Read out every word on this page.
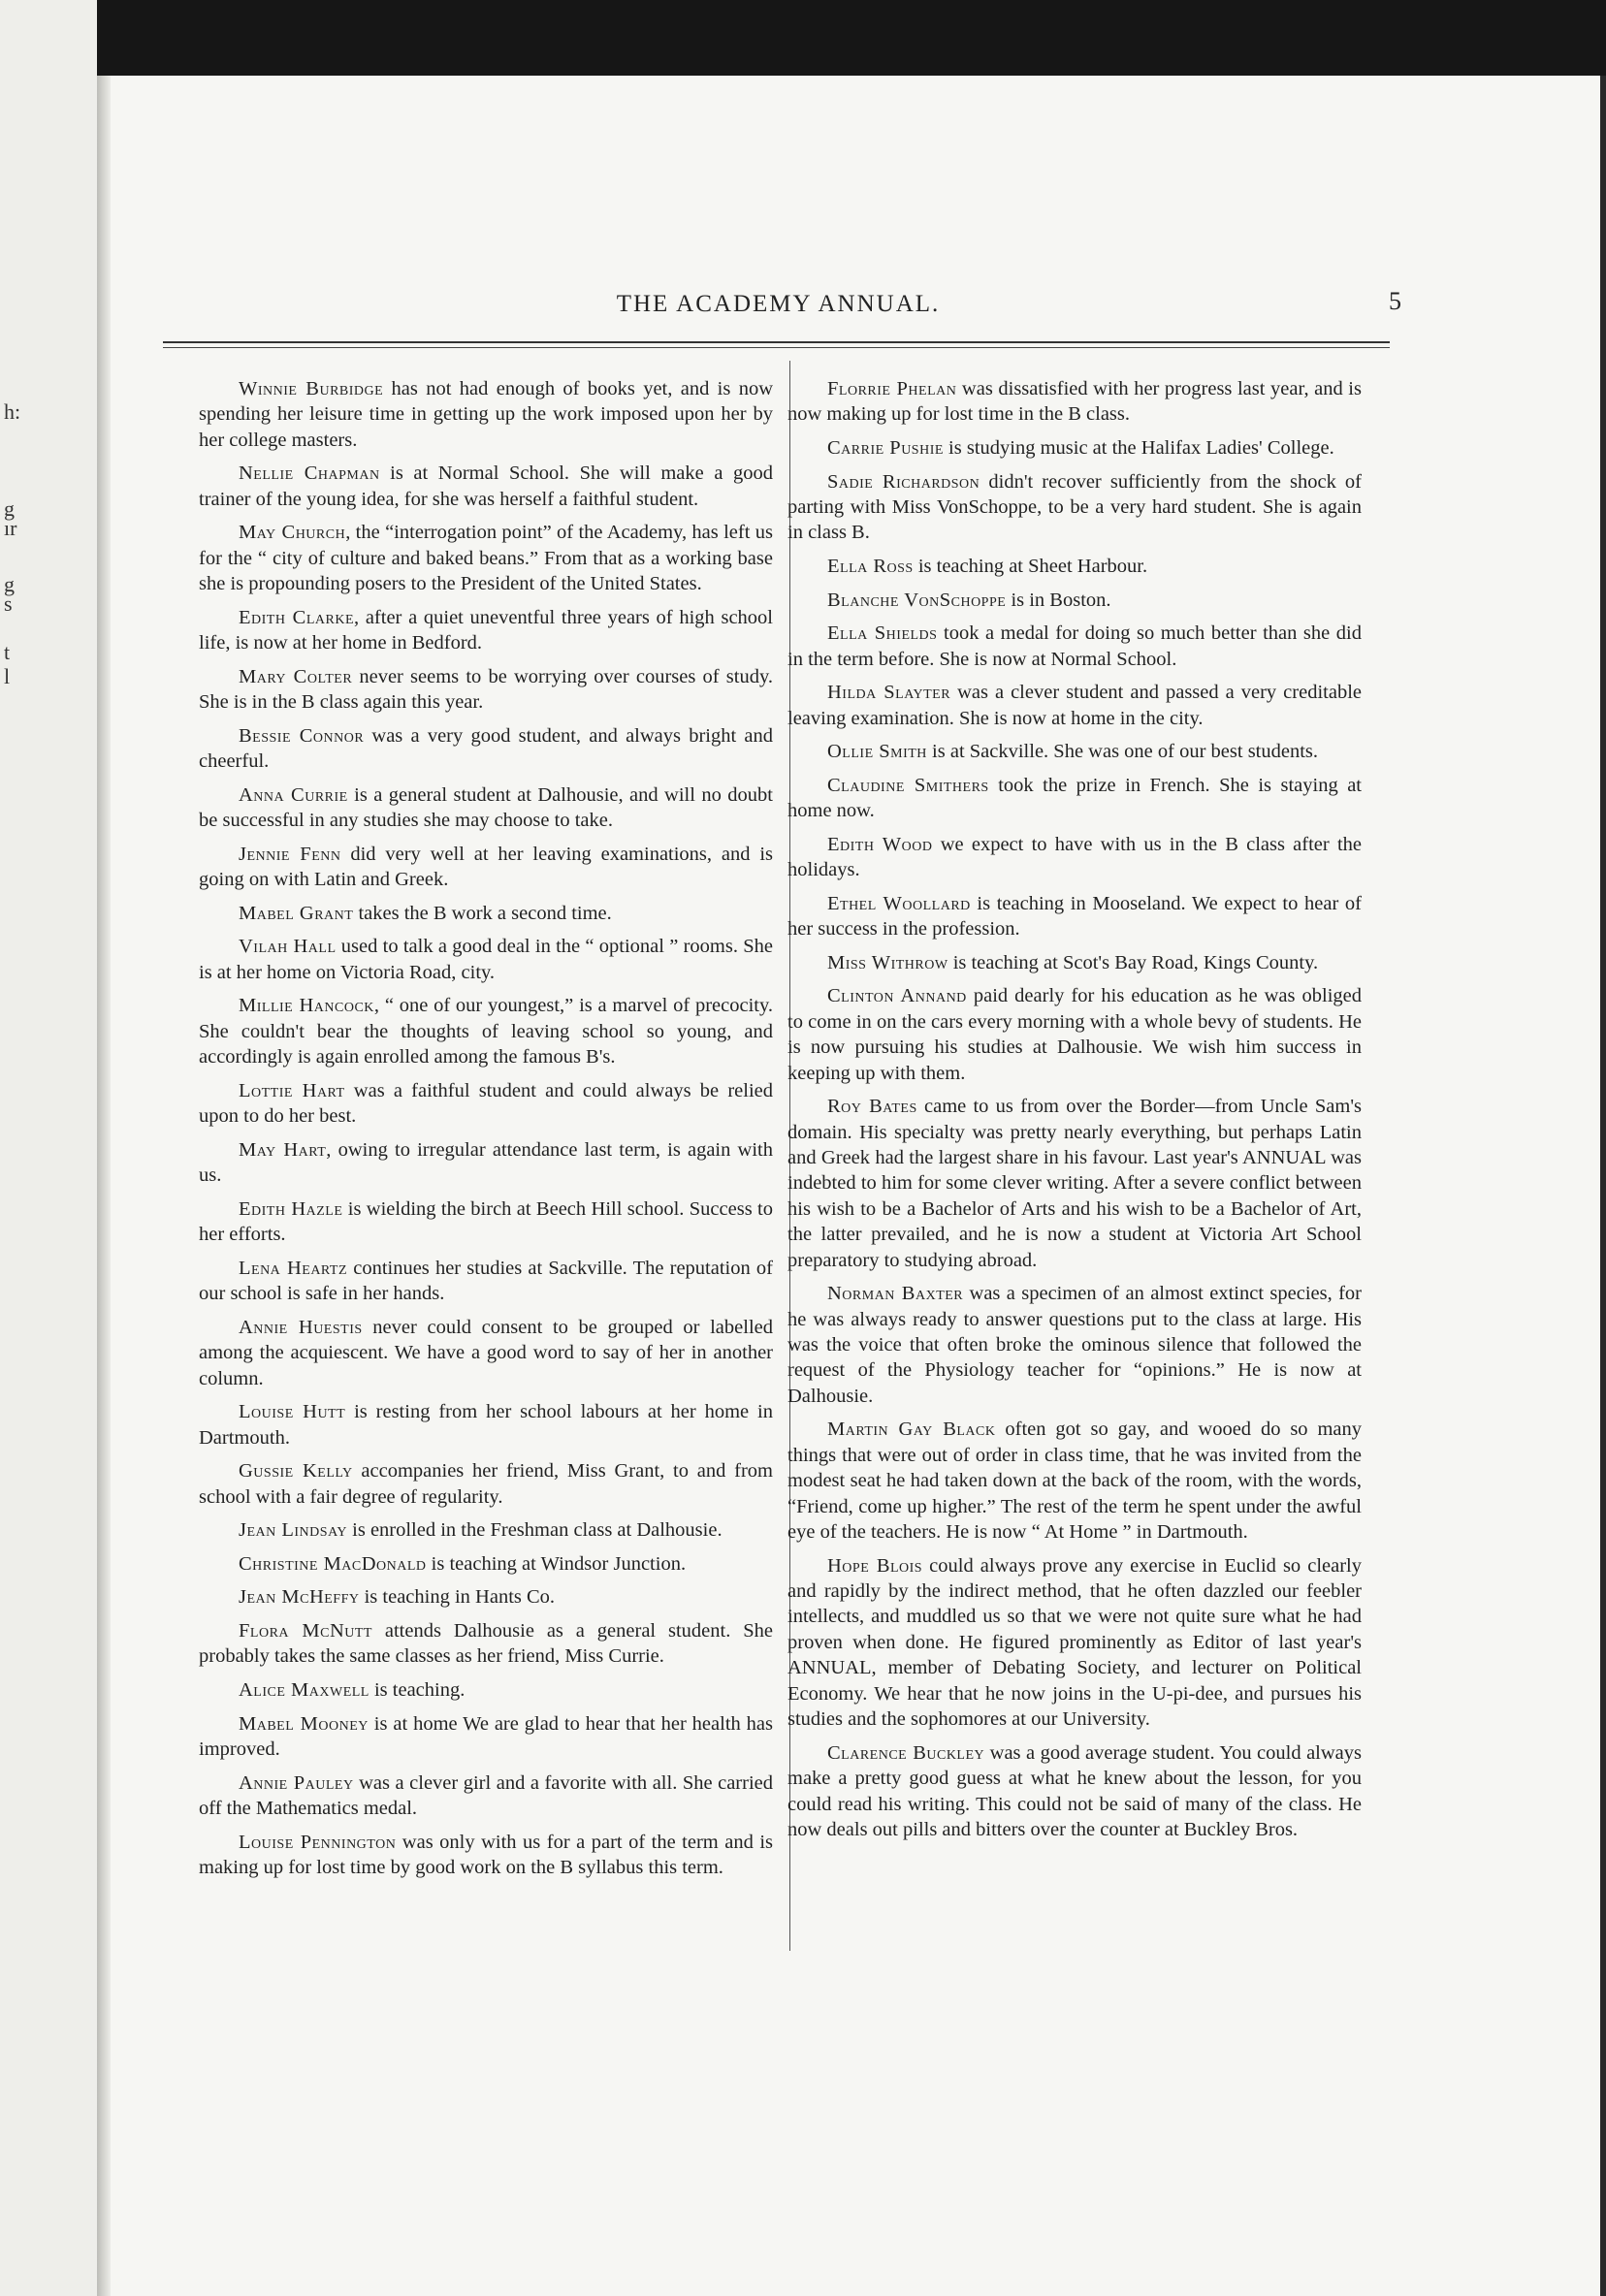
h:
g
ır
g
s
t
l
THE ACADEMY ANNUAL.	5

Winnie Burbidge has not had enough of books yet, and is now spending her leisure time in getting up the work imposed upon her by her college masters.

Nellie Chapman is at Normal School. She will make a good trainer of the young idea, for she was herself a faithful student.

May Church, the “interrogation point” of the Academy, has left us for the “ city of culture and baked beans.” From that as a working base she is propounding posers to the President of the United States.

Edith Clarke, after a quiet uneventful three years of high school life, is now at her home in Bedford.

Mary Colter never seems to be worrying over courses of study. She is in the B class again this year.

Bessie Connor was a very good student, and always bright and cheerful.

Anna Currie is a general student at Dalhousie, and will no doubt be successful in any studies she may choose to take.

Jennie Fenn did very well at her leaving examinations, and is going on with Latin and Greek.

Mabel Grant takes the B work a second time.

Vilah Hall used to talk a good deal in the “ optional ” rooms. She is at her home on Victoria Road, city.

Millie Hancock, “ one of our youngest,” is a marvel of precocity. She couldn't bear the thoughts of leaving school so young, and accordingly is again enrolled among the famous B's.

Lottie Hart was a faithful student and could always be relied upon to do her best.

May Hart, owing to irregular attendance last term, is again with us.

Edith Hazle is wielding the birch at Beech Hill school. Success to her efforts.

Lena Heartz continues her studies at Sackville. The reputation of our school is safe in her hands.

Annie Huestis never could consent to be grouped or labelled among the acquiescent. We have a good word to say of her in another column.

Louise Hutt is resting from her school labours at her home in Dartmouth.

Gussie Kelly accompanies her friend, Miss Grant, to and from school with a fair degree of regularity.

Jean Lindsay is enrolled in the Freshman class at Dalhousie.

Christine MacDonald is teaching at Windsor Junction.

Jean McHeffy is teaching in Hants Co.

Flora McNutt attends Dalhousie as a general student. She probably takes the same classes as her friend, Miss Currie.

Alice Maxwell is teaching.

Mabel Mooney is at home We are glad to hear that her health has improved.

Annie Pauley was a clever girl and a favorite with all. She carried off the Mathematics medal.

Louise Pennington was only with us for a part of the term and is making up for lost time by good work on the B syllabus this term.

Florrie Phelan was dissatisfied with her progress last year, and is now making up for lost time in the B class.

Carrie Pushie is studying music at the Halifax Ladies' College.

Sadie Richardson didn't recover sufficiently from the shock of parting with Miss VonSchoppe, to be a very hard student. She is again in class B.

Ella Ross is teaching at Sheet Harbour.

Blanche VonSchoppe is in Boston.

Ella Shields took a medal for doing so much better than she did in the term before. She is now at Normal School.

Hilda Slayter was a clever student and passed a very creditable leaving examination. She is now at home in the city.

Ollie Smith is at Sackville. She was one of our best students.

Claudine Smithers took the prize in French. She is staying at home now.

Edith Wood we expect to have with us in the B class after the holidays.

Ethel Woollard is teaching in Mooseland. We expect to hear of her success in the profession.

Miss Withrow is teaching at Scot's Bay Road, Kings County.

Clinton Annand paid dearly for his education as he was obliged to come in on the cars every morning with a whole bevy of students. He is now pursuing his studies at Dalhousie. We wish him success in keeping up with them.

Roy Bates came to us from over the Border—from Uncle Sam's domain. His specialty was pretty nearly everything, but perhaps Latin and Greek had the largest share in his favour. Last year's ANNUAL was indebted to him for some clever writing. After a severe conflict between his wish to be a Bachelor of Arts and his wish to be a Bachelor of Art, the latter prevailed, and he is now a student at Victoria Art School preparatory to studying abroad.

Norman Baxter was a specimen of an almost extinct species, for he was always ready to answer questions put to the class at large. His was the voice that often broke the ominous silence that followed the request of the Physiology teacher for “opinions.” He is now at Dalhousie.

Martin Gay Black often got so gay, and wooed do so many things that were out of order in class time, that he was invited from the modest seat he had taken down at the back of the room, with the words, “Friend, come up higher.” The rest of the term he spent under the awful eye of the teachers. He is now “ At Home ” in Dartmouth.

Hope Blois could always prove any exercise in Euclid so clearly and rapidly by the indirect method, that he often dazzled our feebler intellects, and muddled us so that we were not quite sure what he had proven when done. He figured prominently as Editor of last year's ANNUAL, member of Debating Society, and lecturer on Political Economy. We hear that he now joins in the U-pi-dee, and pursues his studies and the sophomores at our University.

Clarence Buckley was a good average student. You could always make a pretty good guess at what he knew about the lesson, for you could read his writing. This could not be said of many of the class. He now deals out pills and bitters over the counter at Buckley Bros.
